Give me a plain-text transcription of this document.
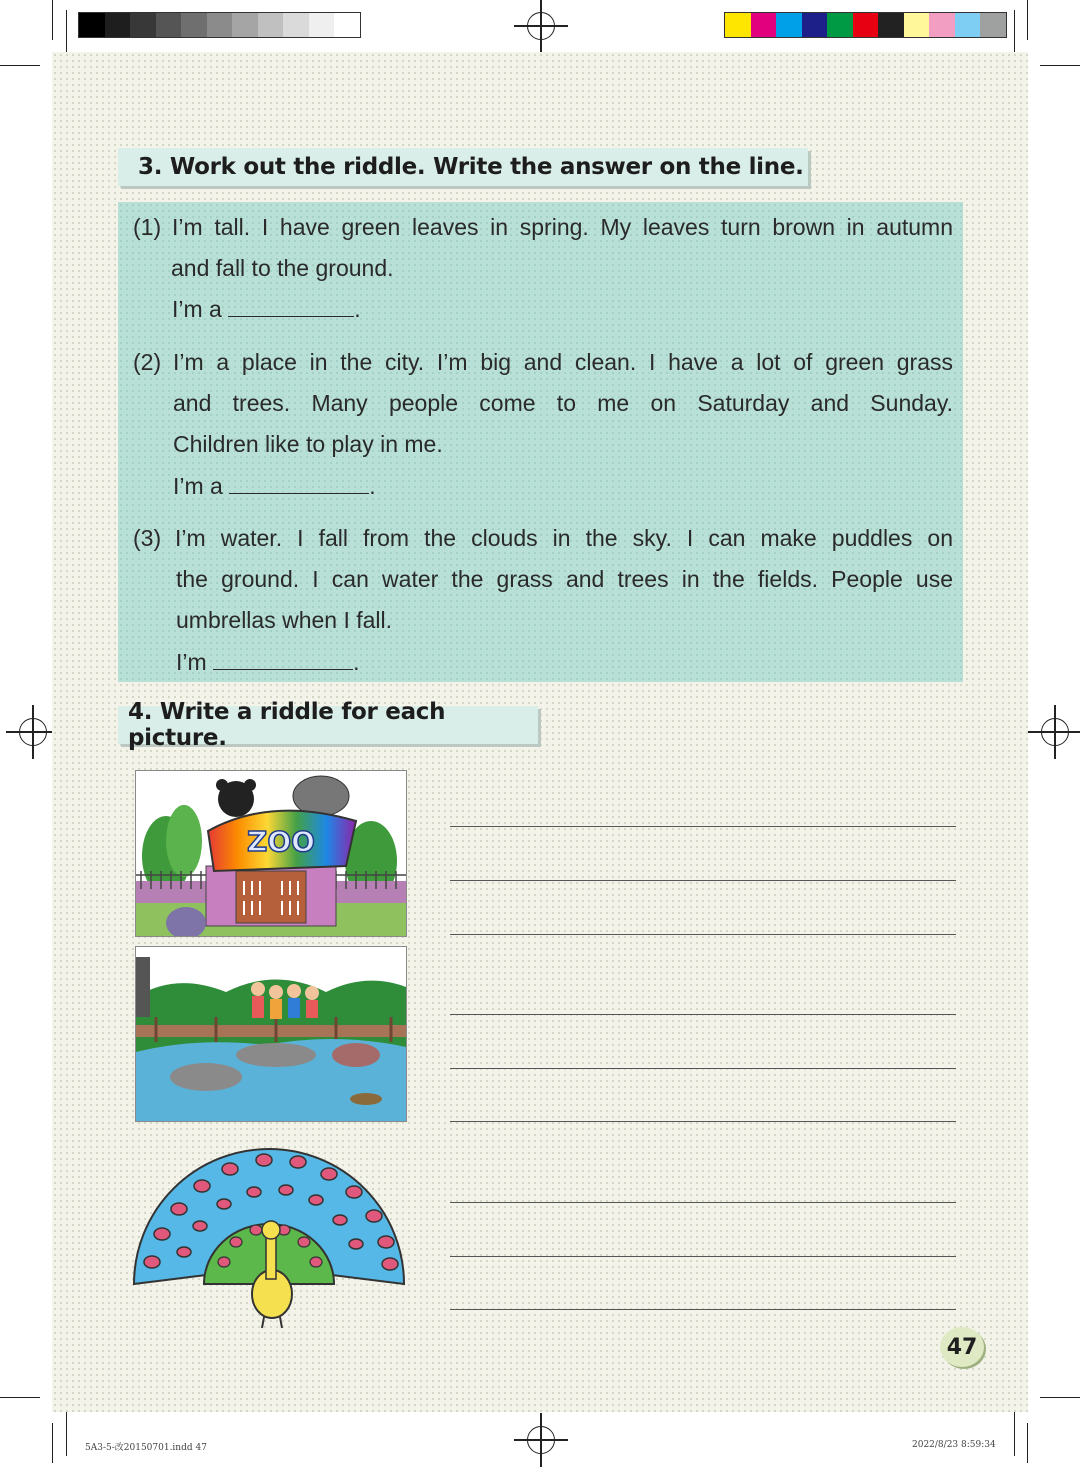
3. Work out the riddle. Write the answer on the line.
(1) I’m tall. I have green leaves in spring. My leaves turn brown in autumn
and fall to the ground.
I’m a	.
(2) I’m a place in the city. I’m big and clean. I have a lot of green grass
and trees. Many people come to me on Saturday and Sunday.
Children like to play in me.
I’m a	.
(3) I’m water. I fall from the clouds in the sky. I can make puddles on
the ground. I can water the grass and trees in the fields. People use
umbrellas when I fall.
I’m	.
4. Write a riddle for each picture.
ZOO
47
5A3-5-改20150701.indd 47	2022/8/23 8:59:34
